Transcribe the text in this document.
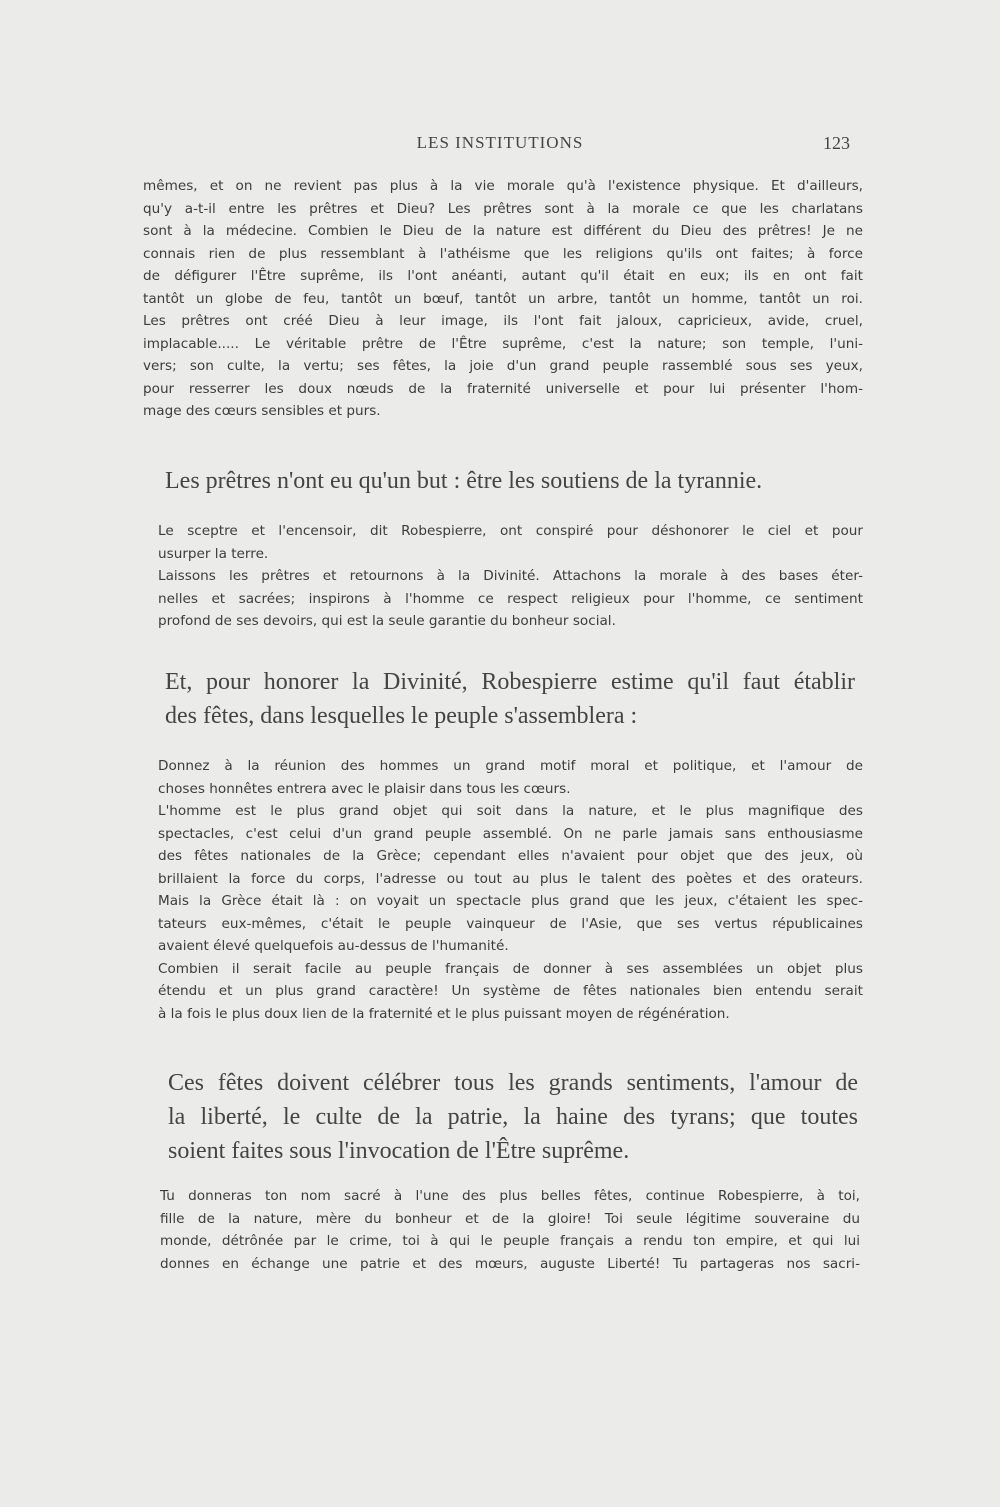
LES INSTITUTIONS	123

mêmes, et on ne revient pas plus à la vie morale qu'à l'existence physique. Et d'ailleurs,

qu'y a-t-il entre les prêtres et Dieu? Les prêtres sont à la morale ce que les charlatans

sont à la médecine. Combien le Dieu de la nature est différent du Dieu des prêtres! Je ne

connais rien de plus ressemblant à l'athéisme que les religions qu'ils ont faites; à force

de défigurer l'Être suprême, ils l'ont anéanti, autant qu'il était en eux; ils en ont fait

tantôt un globe de feu, tantôt un bœuf, tantôt un arbre, tantôt un homme, tantôt un roi.

Les prêtres ont créé Dieu à leur image, ils l'ont fait jaloux, capricieux, avide, cruel,

implacable..... Le véritable prêtre de l'Être suprême, c'est la nature; son temple, l'uni-

vers; son culte, la vertu; ses fêtes, la joie d'un grand peuple rassemblé sous ses yeux,

pour resserrer les doux nœuds de la fraternité universelle et pour lui présenter l'hom-

mage des cœurs sensibles et purs.

Les prêtres n'ont eu qu'un but : être les soutiens de la tyrannie.

Le sceptre et l'encensoir, dit Robespierre, ont conspiré pour déshonorer le ciel et pour

usurper la terre.

Laissons les prêtres et retournons à la Divinité. Attachons la morale à des bases éter-

nelles et sacrées; inspirons à l'homme ce respect religieux pour l'homme, ce sentiment

profond de ses devoirs, qui est la seule garantie du bonheur social.

Et, pour honorer la Divinité, Robespierre estime qu'il faut établir
des fêtes, dans lesquelles le peuple s'assemblera :

Donnez à la réunion des hommes un grand motif moral et politique, et l'amour de

choses honnêtes entrera avec le plaisir dans tous les cœurs.

L'homme est le plus grand objet qui soit dans la nature, et le plus magnifique des

spectacles, c'est celui d'un grand peuple assemblé. On ne parle jamais sans enthousiasme

des fêtes nationales de la Grèce; cependant elles n'avaient pour objet que des jeux, où

brillaient la force du corps, l'adresse ou tout au plus le talent des poètes et des orateurs.

Mais la Grèce était là : on voyait un spectacle plus grand que les jeux, c'étaient les spec-

tateurs eux-mêmes, c'était le peuple vainqueur de l'Asie, que ses vertus républicaines

avaient élevé quelquefois au-dessus de l'humanité.

Combien il serait facile au peuple français de donner à ses assemblées un objet plus

étendu et un plus grand caractère! Un système de fêtes nationales bien entendu serait

à la fois le plus doux lien de la fraternité et le plus puissant moyen de régénération.

Ces fêtes doivent célébrer tous les grands sentiments, l'amour de
la liberté, le culte de la patrie, la haine des tyrans; que toutes
soient faites sous l'invocation de l'Être suprême.

Tu donneras ton nom sacré à l'une des plus belles fêtes, continue Robespierre, à toi,

fille de la nature, mère du bonheur et de la gloire! Toi seule légitime souveraine du

monde, détrônée par le crime, toi à qui le peuple français a rendu ton empire, et qui lui

donnes en échange une patrie et des mœurs, auguste Liberté! Tu partageras nos sacri-
